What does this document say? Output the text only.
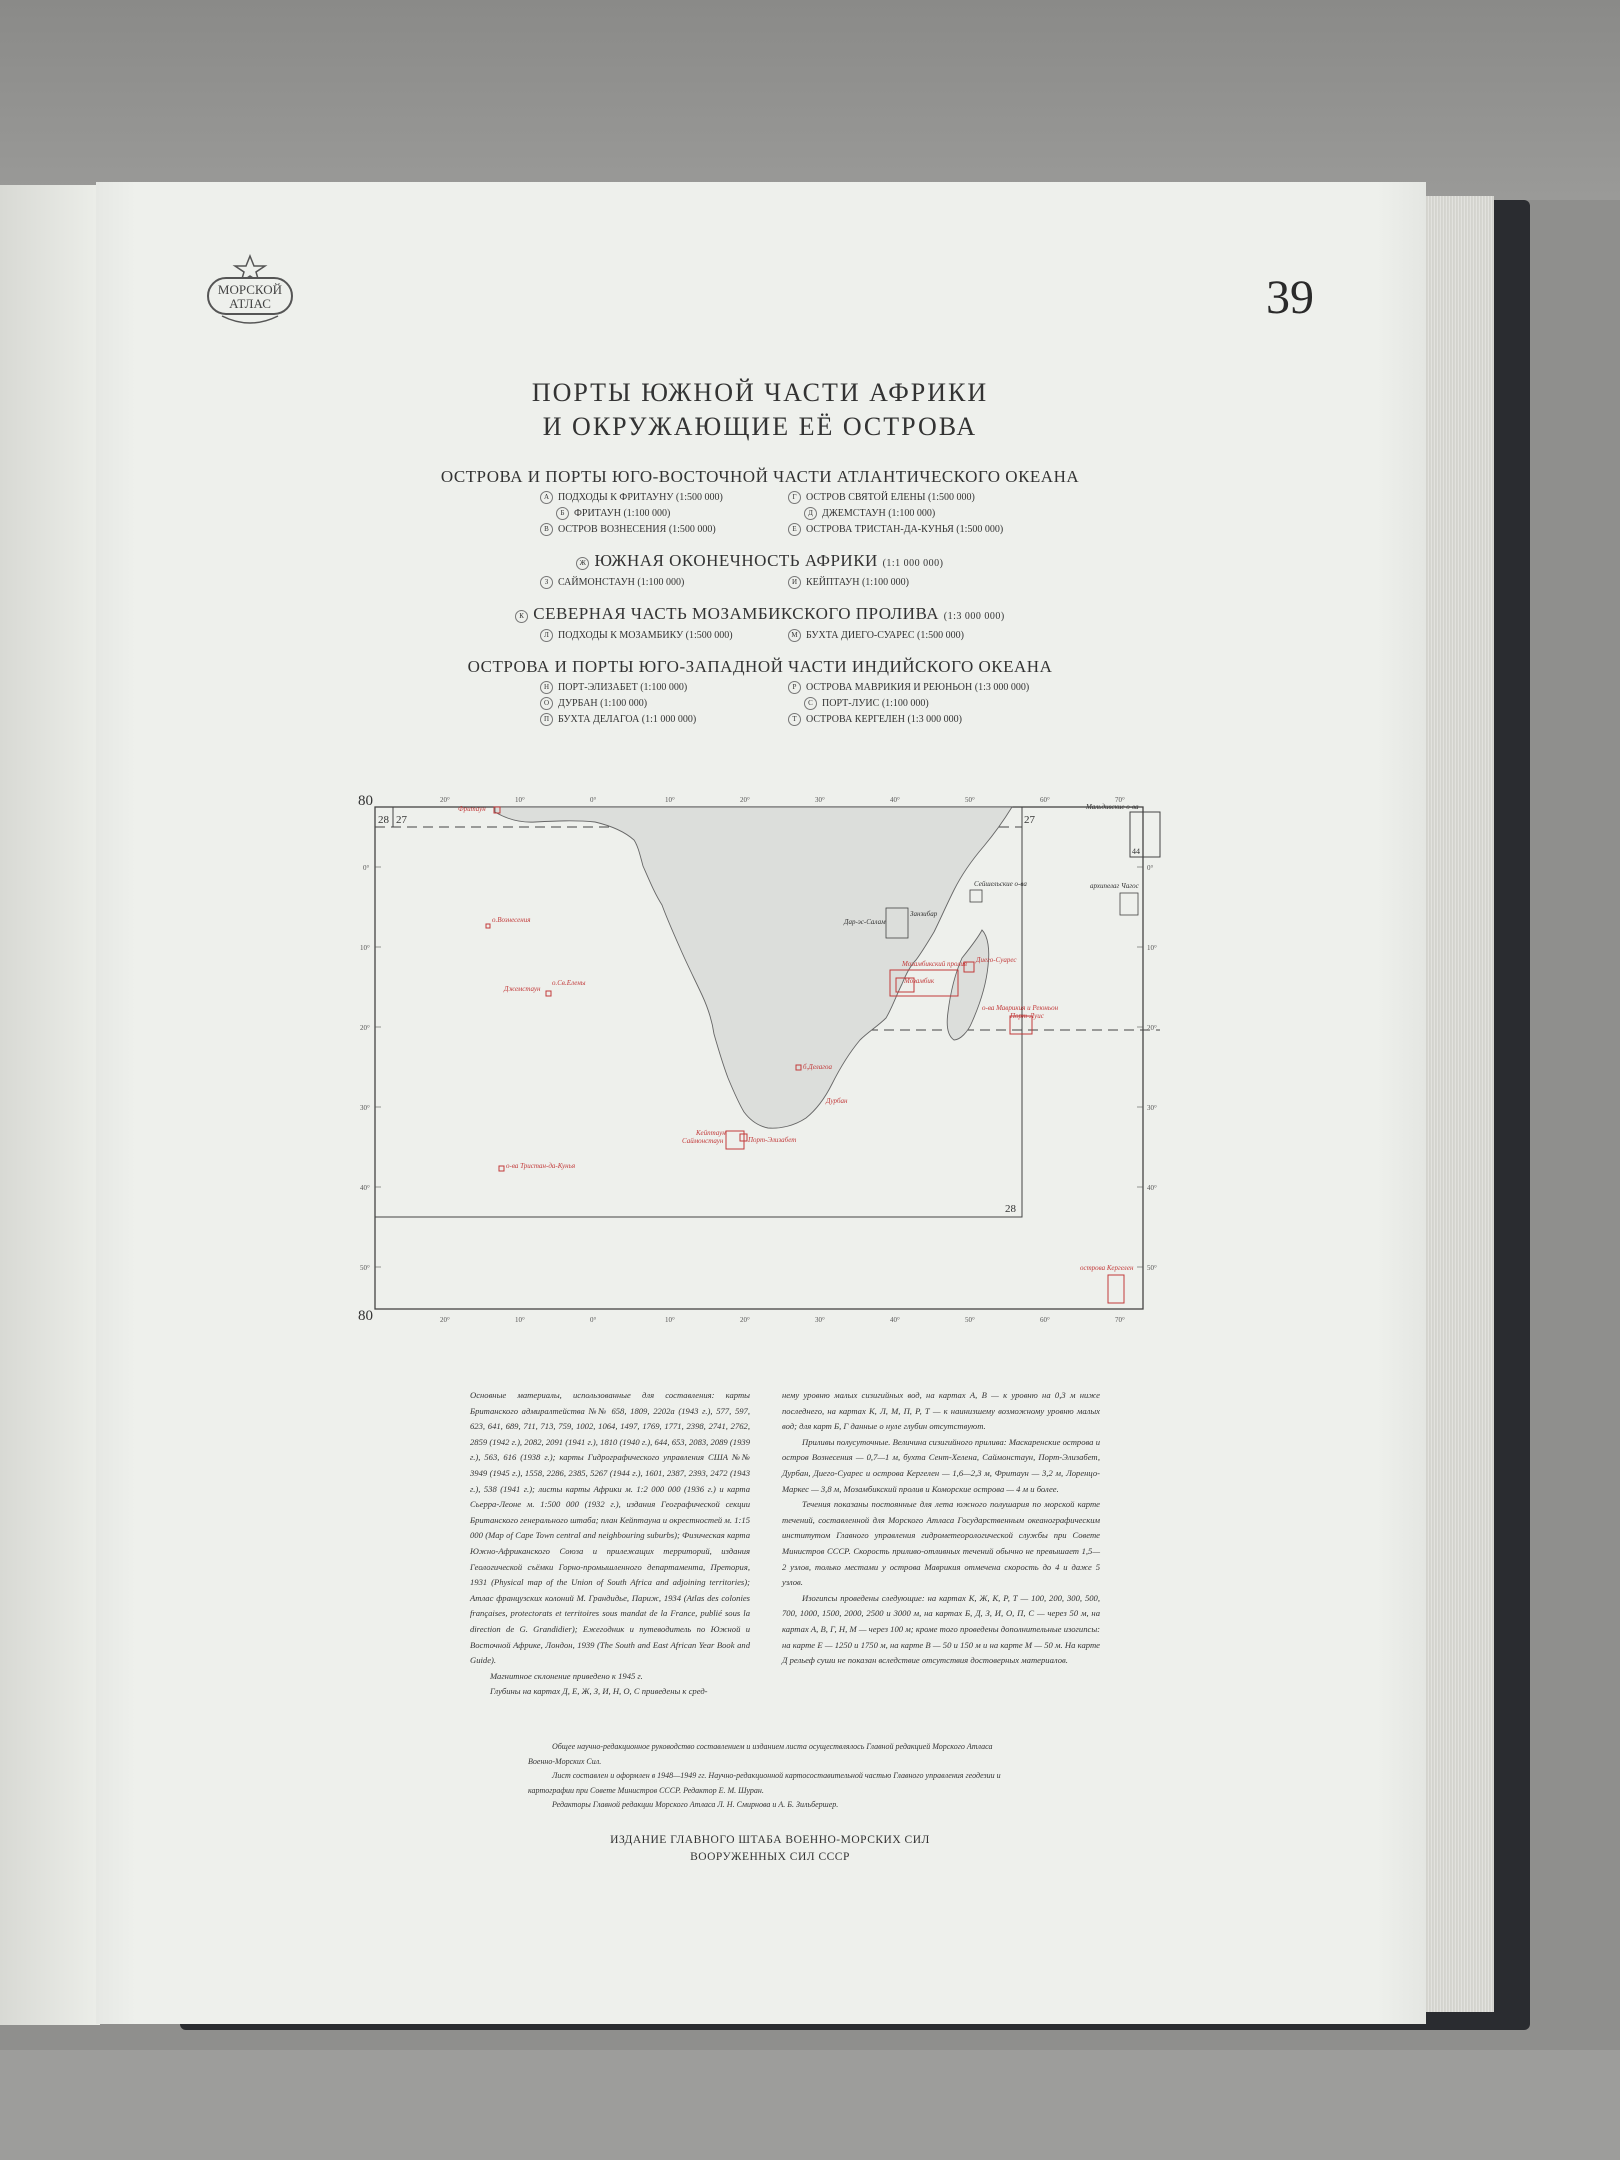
МОРСКОЙ
АТЛАС	39
ПОРТЫ ЮЖНОЙ ЧАСТИ АФРИКИ
И ОКРУЖАЮЩИЕ ЕЁ ОСТРОВА
ОСТРОВА И ПОРТЫ ЮГО-ВОСТОЧНОЙ ЧАСТИ АТЛАНТИЧЕСКОГО ОКЕАНА
А ПОДХОДЫ К ФРИТАУНУ (1:500 000)
Б ФРИТАУН (1:100 000)
В ОСТРОВ ВОЗНЕСЕНИЯ (1:500 000)
Г ОСТРОВ СВЯТОЙ ЕЛЕНЫ (1:500 000)
Д ДЖЕМСТАУН (1:100 000)
Е ОСТРОВА ТРИСТАН-ДА-КУНЬЯ (1:500 000)
Ж ЮЖНАЯ ОКОНЕЧНОСТЬ АФРИКИ (1:1 000 000)
З САЙМОНСТАУН (1:100 000)	И КЕЙПТАУН (1:100 000)
К СЕВЕРНАЯ ЧАСТЬ МОЗАМБИКСКОГО ПРОЛИВА (1:3 000 000)
Л ПОДХОДЫ К МОЗАМБИКУ (1:500 000)	М БУХТА ДИЕГО-СУАРЕС (1:500 000)
ОСТРОВА И ПОРТЫ ЮГО-ЗАПАДНОЙ ЧАСТИ ИНДИЙСКОГО ОКЕАНА
Н ПОРТ-ЭЛИЗАБЕТ (1:100 000)
О ДУРБАН (1:100 000)
П БУХТА ДЕЛАГОА (1:1 000 000)
Р ОСТРОВА МАВРИКИЯ И РЕЮНЬОН (1:3 000 000)
С ПОРТ-ЛУИС (1:100 000)
Т ОСТРОВА КЕРГЕЛЕН (1:3 000 000)
80
80
28 27	27
28
44
20°	10°	0°	10°	20°	30°	40°	50°	60°	70°
20°	10°	0°	10°	20°	30°	40°	50°	60°	70°
0°
10°
20°
30°
40°
50°
0°
10°
20°
30°
40°
50°
Фритаун
о.Вознесения
о.Св.Елены
Джемстаун
о-ва Тристан-да-Кунья
Кейптаун
Саймонстаун	Порт-Элизабет
Дурбан
б.Делагоа
Мозамбик
Мозамбикский пролив Диего-Суарес
о-ва Маврикия и Реюньон
Порт-Луис
острова Кергелен
Дар-эс-Салам
Занзибар
Сейшельские о-ва	архипелаг Чагос
Мальдивские о-ва
Основные материалы, использованные для составления: карты Британского адмиралтейства №№ 658, 1809, 2202а (1943 г.), 577, 597, 623, 641, 689, 711, 713, 759, 1002, 1064, 1497, 1769, 1771, 2398, 2741, 2762, 2859 (1942 г.), 2082, 2091 (1941 г.), 1810 (1940 г.), 644, 653, 2083, 2089 (1939 г.), 563, 616 (1938 г.); карты Гидрографического управления США №№ 3949 (1945 г.), 1558, 2286, 2385, 5267 (1944 г.), 1601, 2387, 2393, 2472 (1943 г.), 538 (1941 г.); листы карты Африки м. 1:2 000 000 (1936 г.) и карта Сьерра-Леоне м. 1:500 000 (1932 г.), издания Географической секции Британского генерального штаба; план Кейптауна и окрестностей м. 1:15 000 (Map of Cape Town central and neighbouring suburbs); Физическая карта Южно-Африканского Союза и прилежащих территорий, издания Геологической съёмки Горно-промышленного департамента, Претория, 1931 (Physical map of the Union of South Africa and adjoining territories); Атлас французских колоний М. Грандидье, Париж, 1934 (Atlas des colonies françaises, protectorats et territoires sous mandat de la France, publié sous la direction de G. Grandidier); Ежегодник и путеводитель по Южной и Восточной Африке, Лондон, 1939 (The South and East African Year Book and Guide).
Магнитное склонение приведено к 1945 г.
Глубины на картах Д, Е, Ж, З, И, Н, О, С приведены к сред-
нему уровню малых сизигийных вод, на картах А, В — к уровню на 0,3 м ниже последнего, на картах К, Л, М, П, Р, Т — к наинизшему возможному уровню малых вод; для карт Б, Г данные о нуле глубин отсутствуют.
Приливы полусуточные. Величина сизигийного прилива: Маскаренские острова и остров Вознесения — 0,7—1 м, бухта Сент-Хелена, Саймонстаун, Порт-Элизабет, Дурбан, Диего-Суарес и острова Кергелен — 1,6—2,3 м, Фритаун — 3,2 м, Лоренцо-Маркес — 3,8 м, Мозамбикский пролив и Коморские острова — 4 м и более.
Течения показаны постоянные для лета южного полушария по морской карте течений, составленной для Морского Атласа Государственным океанографическим институтом Главного управления гидрометеорологической службы при Совете Министров СССР. Скорость приливо-отливных течений обычно не превышает 1,5—2 узлов, только местами у острова Маврикия отмечена скорость до 4 и даже 5 узлов.
Изогипсы проведены следующие: на картах К, Ж, К, Р, Т — 100, 200, 300, 500, 700, 1000, 1500, 2000, 2500 и 3000 м, на картах Б, Д, З, И, О, П, С — через 50 м, на картах А, В, Г, Н, М — через 100 м; кроме того проведены дополнительные изогипсы: на карте Е — 1250 и 1750 м, на карте В — 50 и 150 м и на карте М — 50 м. На карте Д рельеф суши не показан вследствие отсутствия достоверных материалов.
Общее научно-редакционное руководство составлением и изданием листа осуществлялось Главной редакцией Морского Атласа Военно-Морских Сил.
Лист составлен и оформлен в 1948—1949 гг. Научно-редакционной картосоставительной частью Главного управления геодезии и картографии при Совете Министров СССР. Редактор Е. М. Шуран.
Редакторы Главной редакции Морского Атласа Л. Н. Смирнова и А. Б. Зильбершер.
ИЗДАНИЕ ГЛАВНОГО ШТАБА ВОЕННО-МОРСКИХ СИЛ
ВООРУЖЕННЫХ СИЛ СССР
